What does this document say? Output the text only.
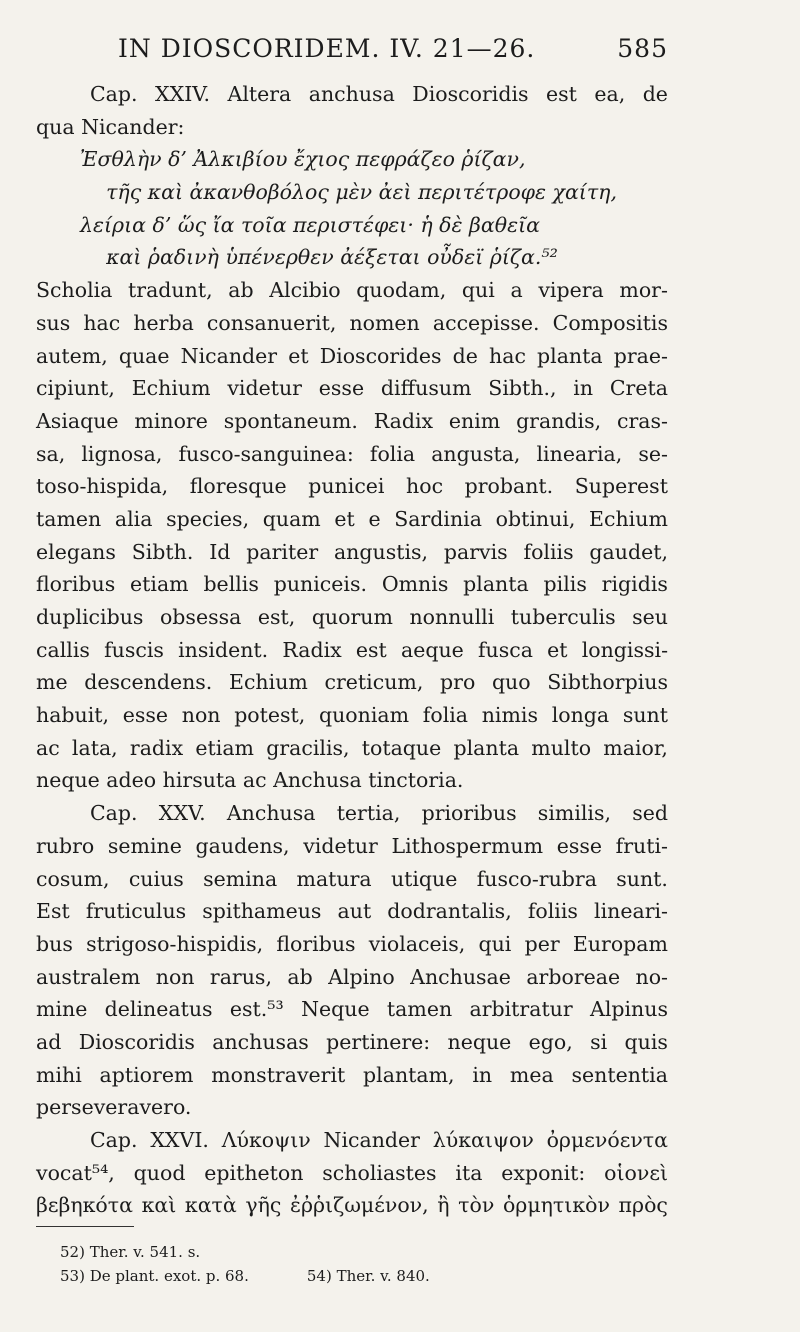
IN DIOSCORIDEM. IV. 21—26.	585
Cap. XXIV. Altera anchusa Dioscoridis est ea, de
qua Nicander:
Ἐσθλὴν δ’ Ἀλκιβίου ἔχιος πεφράζεο ῥίζαν,
τῆς καὶ ἀκανθοβόλος μὲν ἀεὶ περιτέτροφε χαίτη,
λείρια δ’ ὥς ἴα τοῖα περιστέφει· ἡ δὲ βαθεῖα
καὶ ῥαδινὴ ὑπένερθεν ἀέξεται οὖδεϊ ῥίζα.⁵²
Scholia tradunt, ab Alcibio quodam, qui a vipera mor-
sus hac herba consanuerit, nomen accepisse. Compositis
autem, quae Nicander et Dioscorides de hac planta prae-
cipiunt, Echium videtur esse diffusum Sibth., in Creta
Asiaque minore spontaneum. Radix enim grandis, cras-
sa, lignosa, fusco-sanguinea: folia angusta, linearia, se-
toso-hispida, floresque puniсei hoc probant. Superest
tamen alia species, quam et e Sardinia obtinui, Echium
elegans Sibth. Id pariter angustis, parvis foliis gaudet,
floribus etiam bellis puniceis. Omnis planta pilis rigidis
duplicibus obsessa est, quorum nonnulli tuberculis seu
callis fuscis insident. Radix est aeque fusca et longissi-
me descendens. Echium creticum, pro quo Sibthorpius
habuit, esse non potest, quoniam folia nimis longa sunt
ac lata, radix etiam gracilis, totaque planta multo maior,
neque adeo hirsuta ac Anchusa tinctoria.
Cap. XXV. Anchusa tertia, prioribus similis, sed
rubro semine gaudens, videtur Lithospermum esse fruti-
cosum, cuius semina matura utique fusco-rubra sunt.
Est fruticulus spithameus aut dodrantalis, foliis lineari-
bus strigoso-hispidis, floribus violaceis, qui per Europam
australem non rarus, ab Alpino Anchusae arboreae no-
mine delineatus est.⁵³ Neque tamen arbitratur Alpinus
ad Dioscoridis anchusas pertinere: neque ego, si quis
mihi aptiorem monstraverit plantam, in mea sententia
perseveravero.
Cap. XXVI. Λύκοψιν Nicander λύκαιψον ὀρμενόεντα
vocat⁵⁴, quod epitheton scholiastes ita exponit: οἱονεὶ
βεβηκότα καὶ κατὰ γῆς ἐῤῥιζωμένον, ἢ τὸν ὁρμητικὸν πρὸς
52) Ther. v. 541. s.
53) De plant. exot. p. 68.	54) Ther. v. 840.
